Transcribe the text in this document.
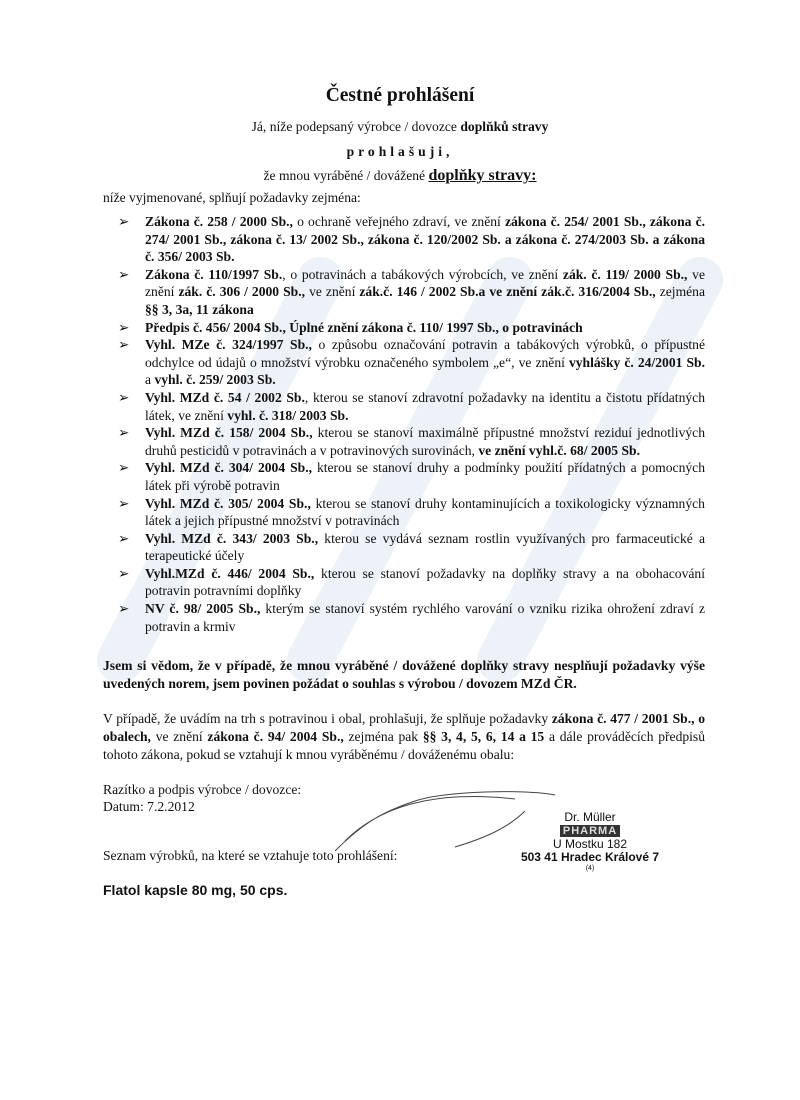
Čestné prohlášení
Já, níže podepsaný výrobce / dovozce doplňků stravy
prohlašuji,
že mnou vyráběné / dovážené doplňky stravy:
níže vyjmenované, splňují požadavky zejména:
➢ Zákona č. 258 / 2000 Sb., o ochraně veřejného zdraví, ve znění zákona č. 254/ 2001 Sb., zákona č. 274/ 2001 Sb., zákona č. 13/ 2002 Sb., zákona č. 120/2002 Sb. a zákona č. 274/2003 Sb. a zákona č. 356/ 2003 Sb.
➢ Zákona č. 110/1997 Sb., o potravinách a tabákových výrobcích, ve znění zák. č. 119/ 2000 Sb., ve znění zák. č. 306 / 2000 Sb., ve znění zák.č. 146 / 2002 Sb.a ve znění zák.č. 316/2004 Sb., zejména §§ 3, 3a, 11 zákona
➢ Předpis č. 456/ 2004 Sb., Úplné znění zákona č. 110/ 1997 Sb., o potravinách
➢ Vyhl. MZe č. 324/1997 Sb., o způsobu označování potravin a tabákových výrobků, o přípustné odchylce od údajů o množství výrobku označeného symbolem „e“, ve znění vyhlášky č. 24/2001 Sb. a vyhl. č. 259/ 2003 Sb.
➢ Vyhl. MZd č. 54 / 2002 Sb., kterou se stanoví zdravotní požadavky na identitu a čistotu přídatných látek, ve znění vyhl. č. 318/ 2003 Sb.
➢ Vyhl. MZd č. 158/ 2004 Sb., kterou se stanoví maximálně přípustné množství reziduí jednotlivých druhů pesticidů v potravinách a v potravinových surovinách, ve znění vyhl.č. 68/ 2005 Sb.
➢ Vyhl. MZd č. 304/ 2004 Sb., kterou se stanoví druhy a podmínky použití přídatných a pomocných látek při výrobě potravin
➢ Vyhl. MZd č. 305/ 2004 Sb., kterou se stanoví druhy kontaminujících a toxikologicky významných látek a jejich přípustné množství v potravinách
➢ Vyhl. MZd č. 343/ 2003 Sb., kterou se vydává seznam rostlin využívaných pro farmaceutické a terapeutické účely
➢ Vyhl.MZd č. 446/ 2004 Sb., kterou se stanoví požadavky na doplňky stravy a na obohacování potravin potravními doplňky
➢ NV č. 98/ 2005 Sb., kterým se stanoví systém rychlého varování o vzniku rizika ohrožení zdraví z potravin a krmiv
Jsem si vědom, že v případě, že mnou vyráběné / dovážené doplňky stravy nesplňují požadavky výše uvedených norem, jsem povinen požádat o souhlas s výrobou / dovozem MZd ČR.
V případě, že uvádím na trh s potravinou i obal, prohlašuji, že splňuje požadavky zákona č. 477 / 2001 Sb., o obalech, ve znění zákona č. 94/ 2004 Sb., zejména pak §§ 3, 4, 5, 6, 14 a 15 a dále prováděcích předpisů tohoto zákona, pokud se vztahují k mnou vyráběnému / dováženému obalu:
Razítko a podpis výrobce / dovozce:
Datum: 7.2.2012
Seznam výrobků, na které se vztahuje toto prohlášení:
Flatol kapsle 80 mg, 50 cps.
Dr. Müller
PHARMA
U Mostku 182
503 41 Hradec Králové 7
(4)
